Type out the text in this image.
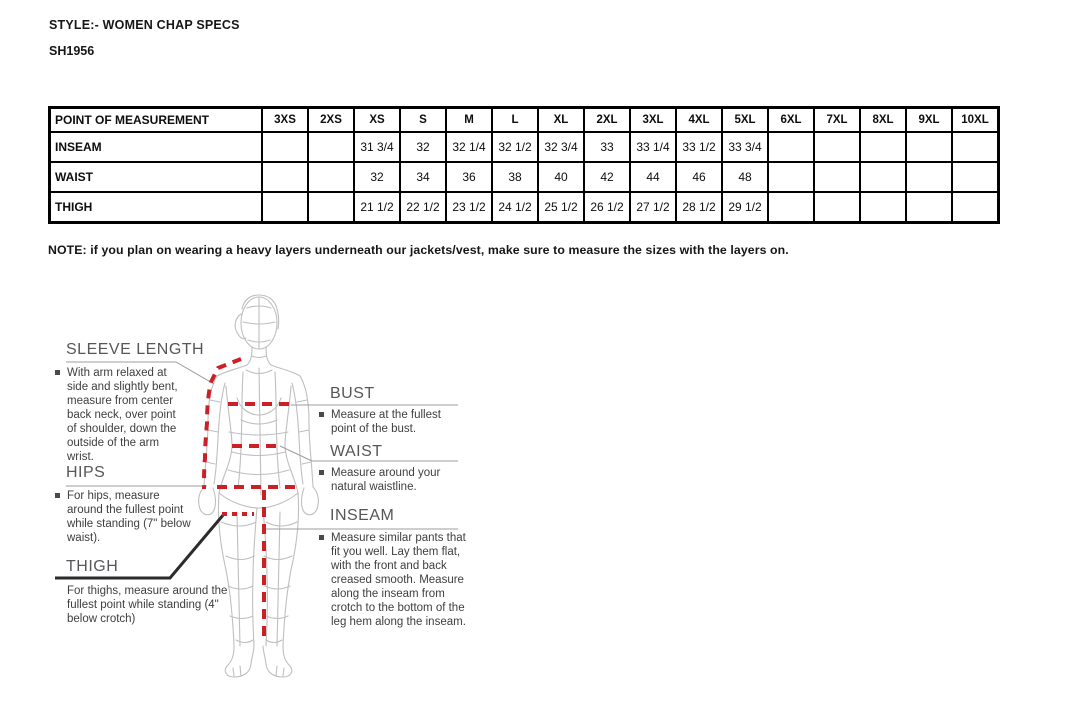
STYLE:- WOMEN CHAP SPECS
SH1956
POINT OF MEASUREMENT	3XS	2XS	XS	S	M	L	XL	2XL	3XL	4XL	5XL	6XL	7XL	8XL	9XL	10XL
INSEAM			31 3/4	32	32 1/4	32 1/2	32 3/4	33	33 1/4	33 1/2	33 3/4					
WAIST			32	34	36	38	40	42	44	46	48					
THIGH			21 1/2	22 1/2	23 1/2	24 1/2	25 1/2	26 1/2	27 1/2	28 1/2	29 1/2					
NOTE: if you plan on wearing a heavy layers underneath our jackets/vest, make sure to measure the sizes with the layers on.
SLEEVE LENGTH
With arm relaxed at side and slightly bent, measure from center back neck, over point of shoulder, down the outside of the arm wrist.
HIPS
For hips, measure around the fullest point while standing (7" below waist).
THIGH
For thighs, measure around the fullest point while standing (4" below crotch)
BUST
Measure at the fullest point of the bust.
WAIST
Measure around your natural waistline.
INSEAM
Measure similar pants that fit you well. Lay them flat, with the front and back creased smooth. Measure along the inseam from crotch to the bottom of the leg hem along the inseam.
